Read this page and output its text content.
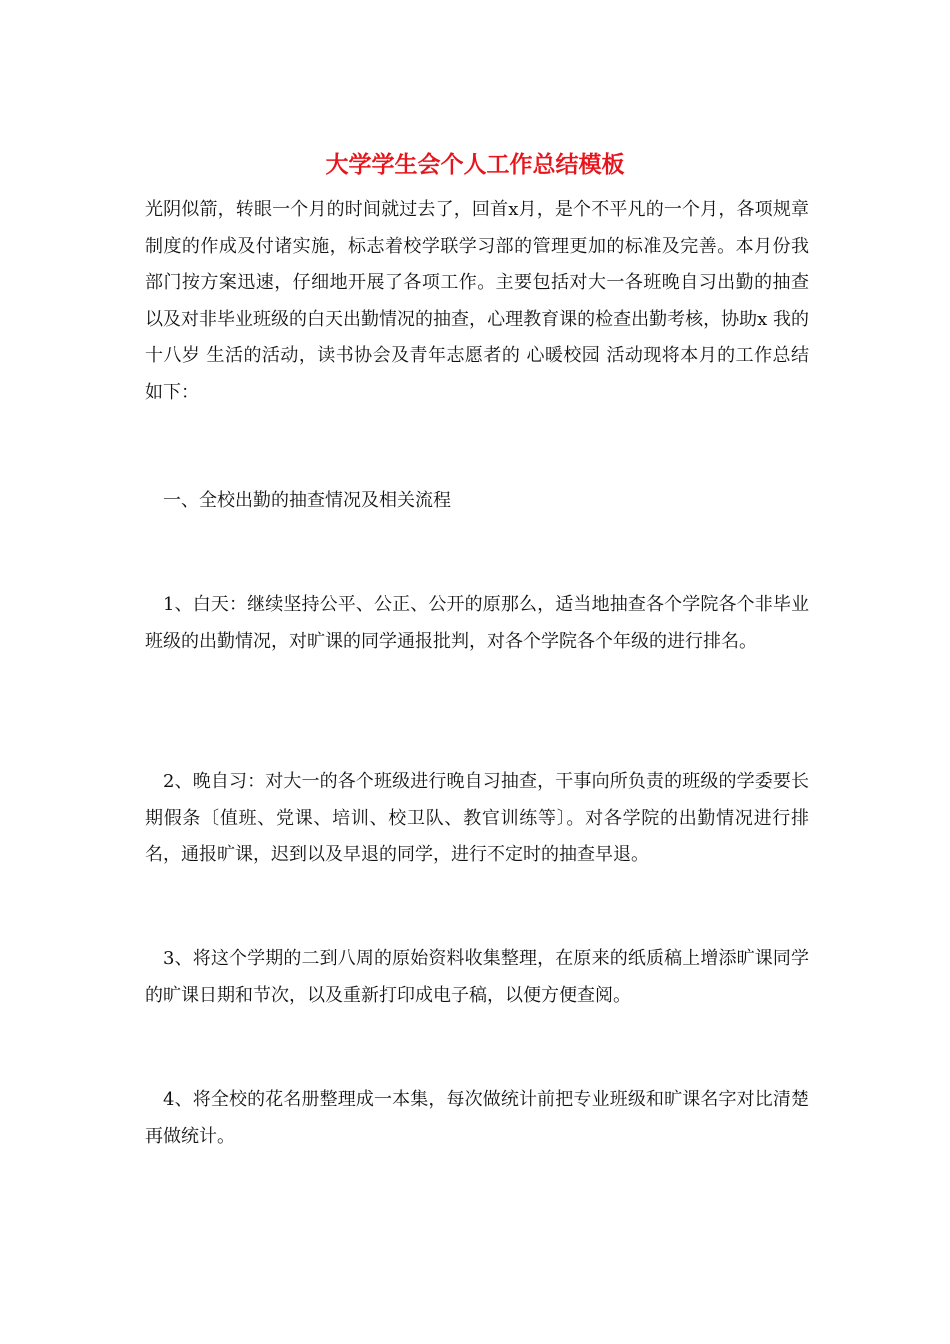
大学学生会个人工作总结模板

光阴似箭，转眼一个月的时间就过去了，回首x月，是个不平凡的一个月，各项规章制度的作成及付诸实施，标志着校学联学习部的管理更加的标准及完善。本月份我部门按方案迅速，仔细地开展了各项工作。主要包括对大一各班晚自习出勤的抽查以及对非毕业班级的白天出勤情况的抽查，心理教育课的检查出勤考核，协助x 我的十八岁 生活的活动，读书协会及青年志愿者的 心暖校园 活动现将本月的工作总结如下：

一、全校出勤的抽查情况及相关流程

1、白天：继续坚持公平、公正、公开的原那么，适当地抽查各个学院各个非毕业班级的出勤情况，对旷课的同学通报批判，对各个学院各个年级的进行排名。

2、晚自习：对大一的各个班级进行晚自习抽查，干事向所负责的班级的学委要长期假条〔值班、党课、培训、校卫队、教官训练等〕。对各学院的出勤情况进行排名，通报旷课，迟到以及早退的同学，进行不定时的抽查早退。

3、将这个学期的二到八周的原始资料收集整理，在原来的纸质稿上增添旷课同学的旷课日期和节次，以及重新打印成电子稿，以便方便查阅。

4、将全校的花名册整理成一本集，每次做统计前把专业班级和旷课名字对比清楚再做统计。
